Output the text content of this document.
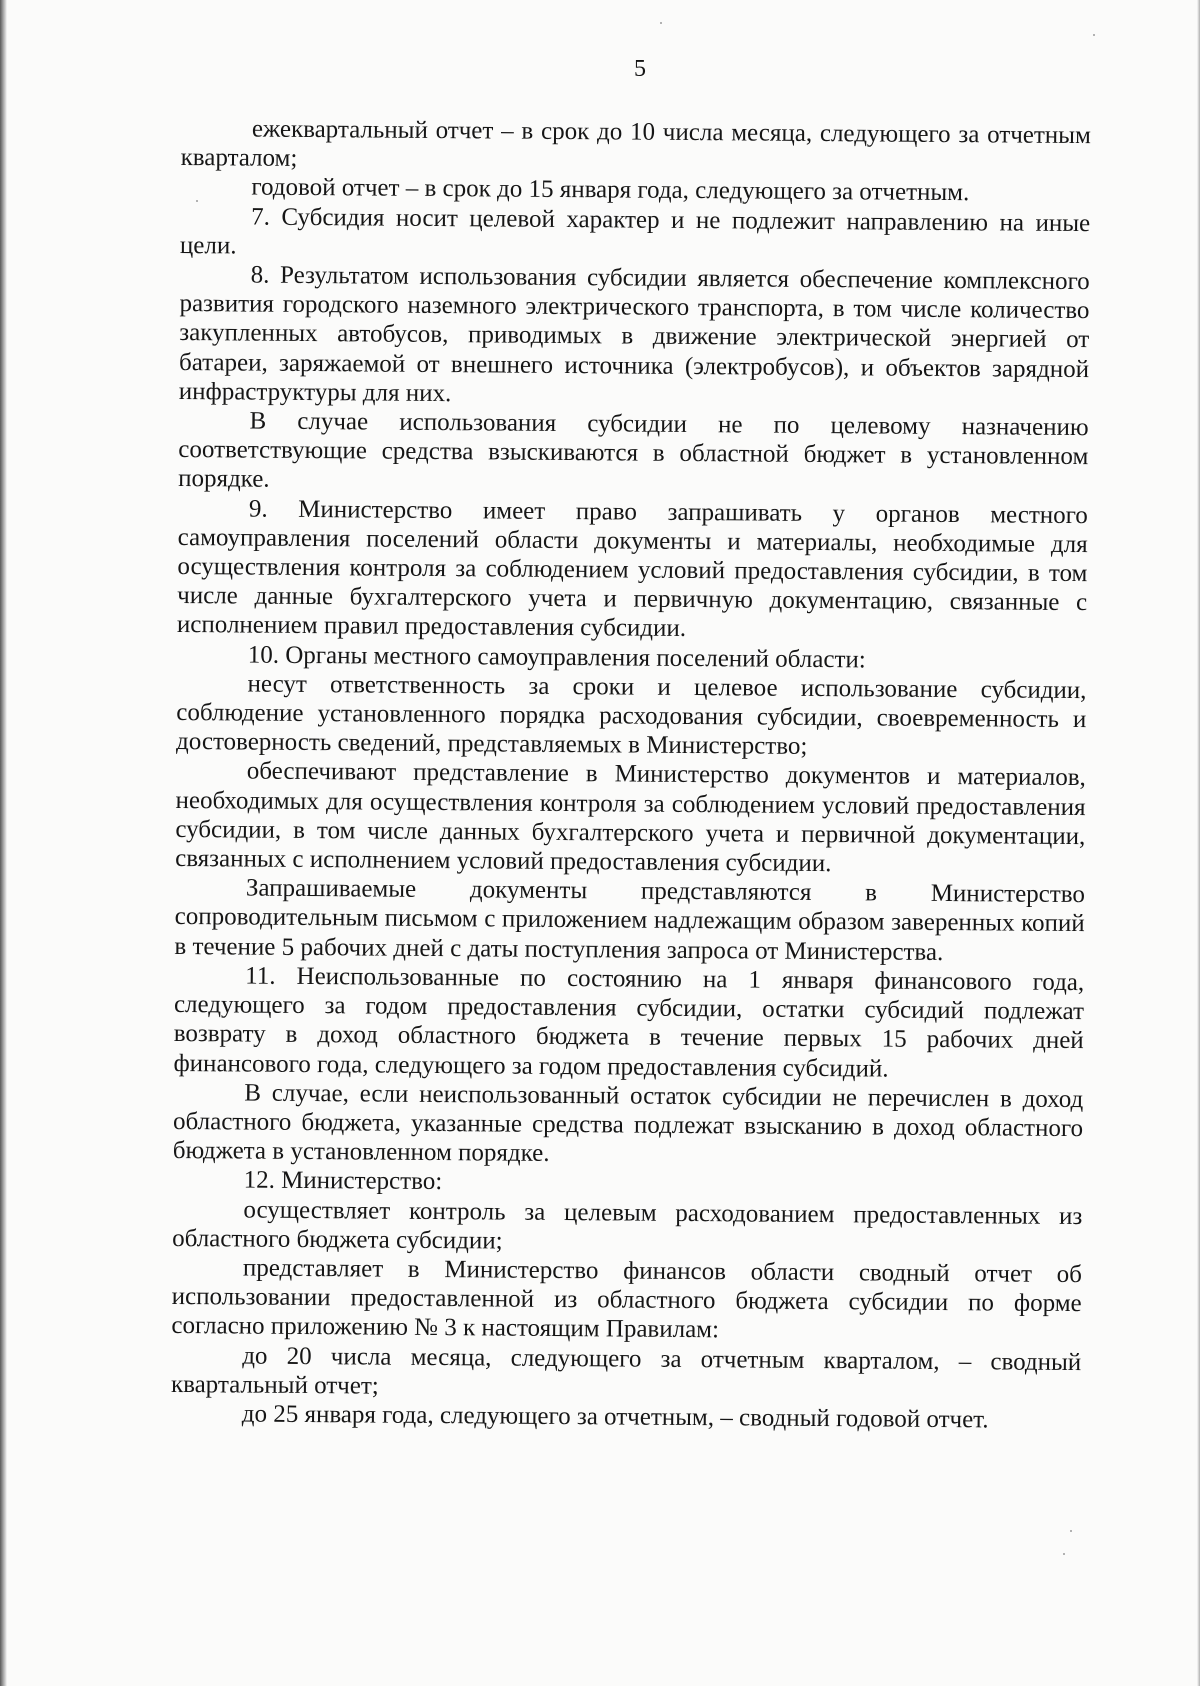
5

ежеквартальный отчет – в срок до 10 числа месяца, следующего за отчетным кварталом;

годовой отчет – в срок до 15 января года, следующего за отчетным.

7. Субсидия носит целевой характер и не подлежит направлению на иные цели.

8. Результатом использования субсидии является обеспечение комплексного развития городского наземного электрического транспорта, в том числе количество закупленных автобусов, приводимых в движение электрической энергией от батареи, заряжаемой от внешнего источника (электробусов), и объектов зарядной инфраструктуры для них.

В случае использования субсидии не по целевому назначению соответствующие средства взыскиваются в областной бюджет в установленном порядке.

9. Министерство имеет право запрашивать у органов местного самоуправления поселений области документы и материалы, необходимые для осуществления контроля за соблюдением условий предоставления субсидии, в том числе данные бухгалтерского учета и первичную документацию, связанные с исполнением правил предоставления субсидии.

10. Органы местного самоуправления поселений области:

несут ответственность за сроки и целевое использование субсидии, соблюдение установленного порядка расходования субсидии, своевременность и достоверность сведений, представляемых в Министерство;

обеспечивают представление в Министерство документов и материалов, необходимых для осуществления контроля за соблюдением условий предоставления субсидии, в том числе данных бухгалтерского учета и первичной документации, связанных с исполнением условий предоставления субсидии.

Запрашиваемые документы представляются в Министерство сопроводительным письмом с приложением надлежащим образом заверенных копий в течение 5 рабочих дней с даты поступления запроса от Министерства.

11. Неиспользованные по состоянию на 1 января финансового года, следующего за годом предоставления субсидии, остатки субсидий подлежат возврату в доход областного бюджета в течение первых 15 рабочих дней финансового года, следующего за годом предоставления субсидий.

В случае, если неиспользованный остаток субсидии не перечислен в доход областного бюджета, указанные средства подлежат взысканию в доход областного бюджета в установленном порядке.

12. Министерство:

осуществляет контроль за целевым расходованием предоставленных из областного бюджета субсидии;

представляет в Министерство финансов области сводный отчет об использовании предоставленной из областного бюджета субсидии по форме согласно приложению № 3 к настоящим Правилам:

до 20 числа месяца, следующего за отчетным кварталом, – сводный квартальный отчет;

до 25 января года, следующего за отчетным, – сводный годовой отчет.
